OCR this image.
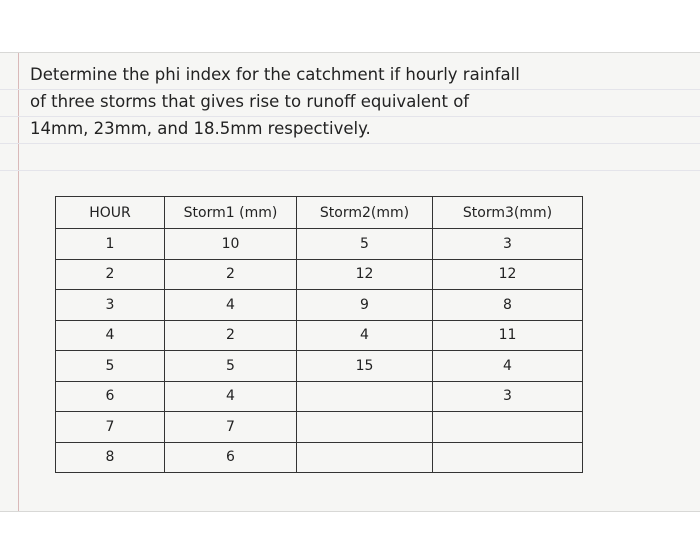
Determine the phi index for the catchment if hourly rainfall
of three storms that gives rise to runoff equivalent of
14mm, 23mm, and 18.5mm respectively.
HOUR	Storm1 (mm)	Storm2(mm)	Storm3(mm)
1	10	5	3
2	2	12	12
3	4	9	8
4	2	4	11
5	5	15	4
6	4		3
7	7		
8	6		
